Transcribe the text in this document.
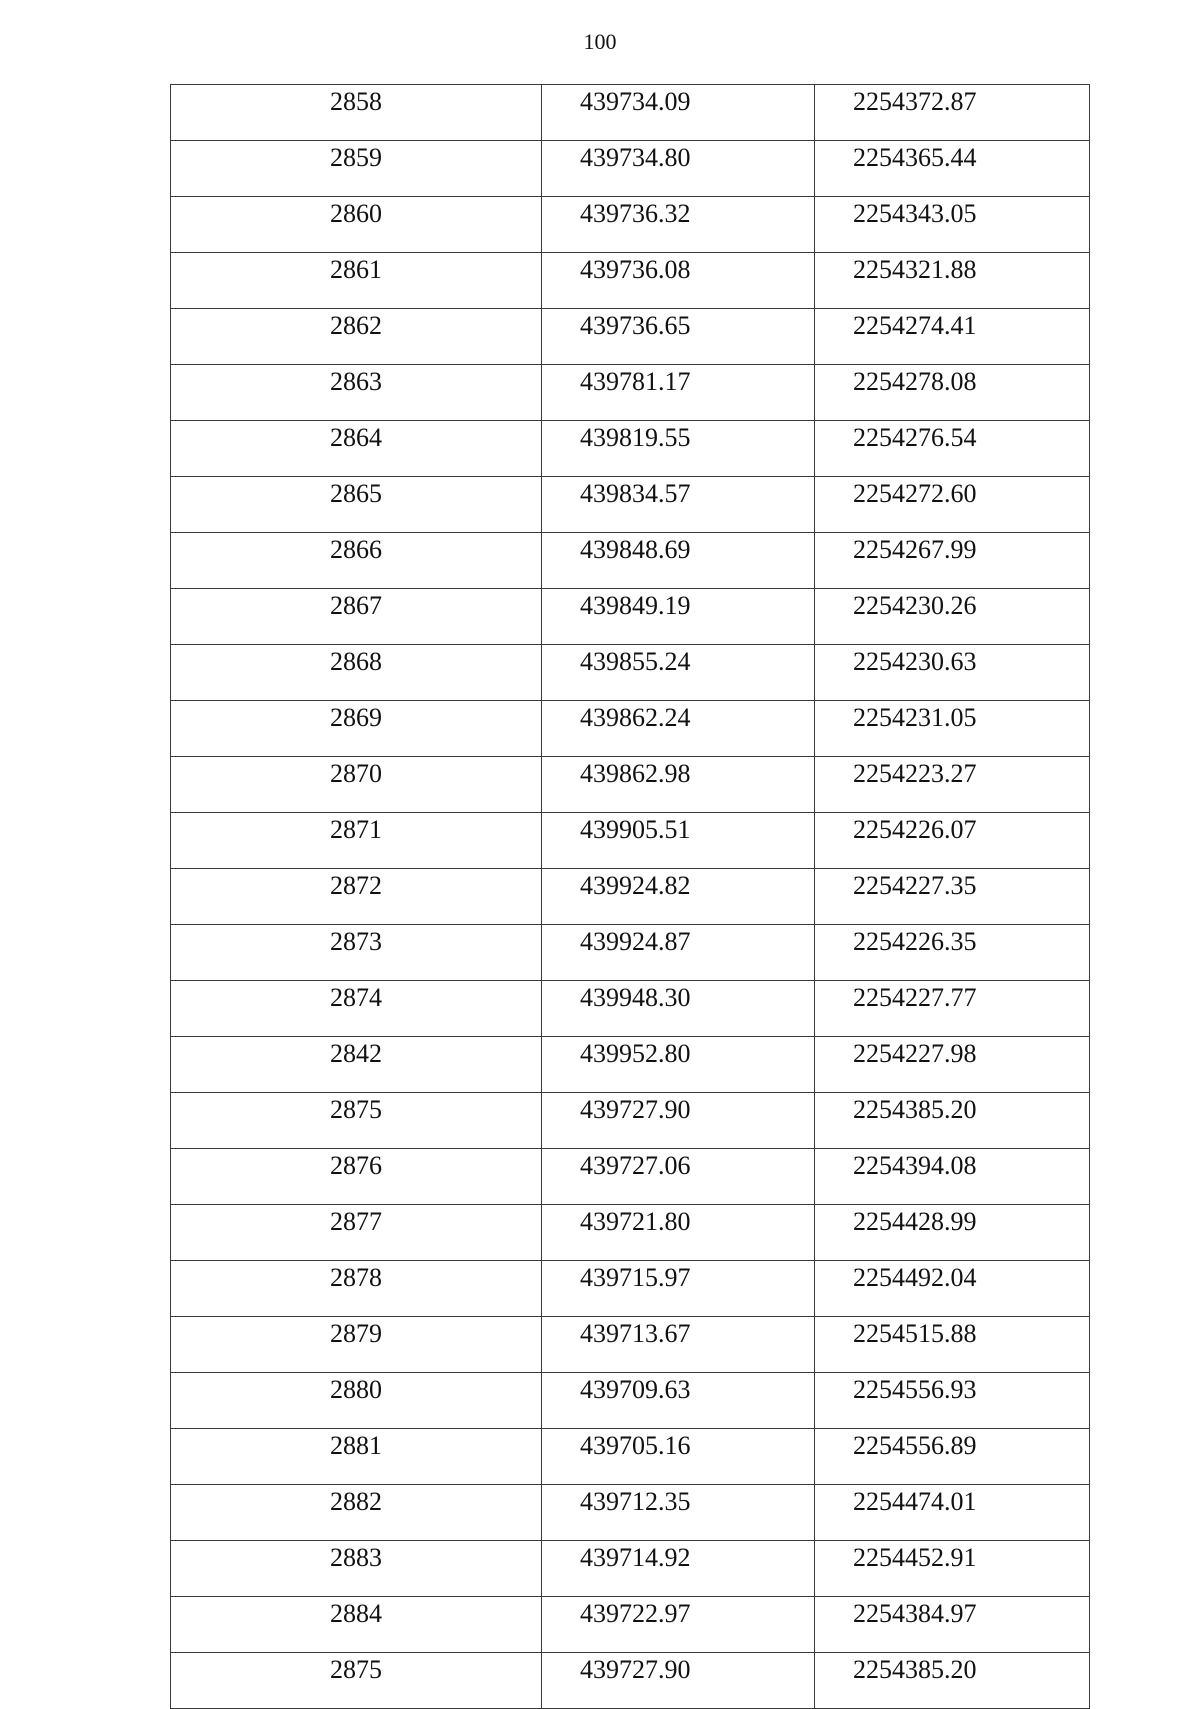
100
2858	439734.09	2254372.87
2859	439734.80	2254365.44
2860	439736.32	2254343.05
2861	439736.08	2254321.88
2862	439736.65	2254274.41
2863	439781.17	2254278.08
2864	439819.55	2254276.54
2865	439834.57	2254272.60
2866	439848.69	2254267.99
2867	439849.19	2254230.26
2868	439855.24	2254230.63
2869	439862.24	2254231.05
2870	439862.98	2254223.27
2871	439905.51	2254226.07
2872	439924.82	2254227.35
2873	439924.87	2254226.35
2874	439948.30	2254227.77
2842	439952.80	2254227.98
2875	439727.90	2254385.20
2876	439727.06	2254394.08
2877	439721.80	2254428.99
2878	439715.97	2254492.04
2879	439713.67	2254515.88
2880	439709.63	2254556.93
2881	439705.16	2254556.89
2882	439712.35	2254474.01
2883	439714.92	2254452.91
2884	439722.97	2254384.97
2875	439727.90	2254385.20
